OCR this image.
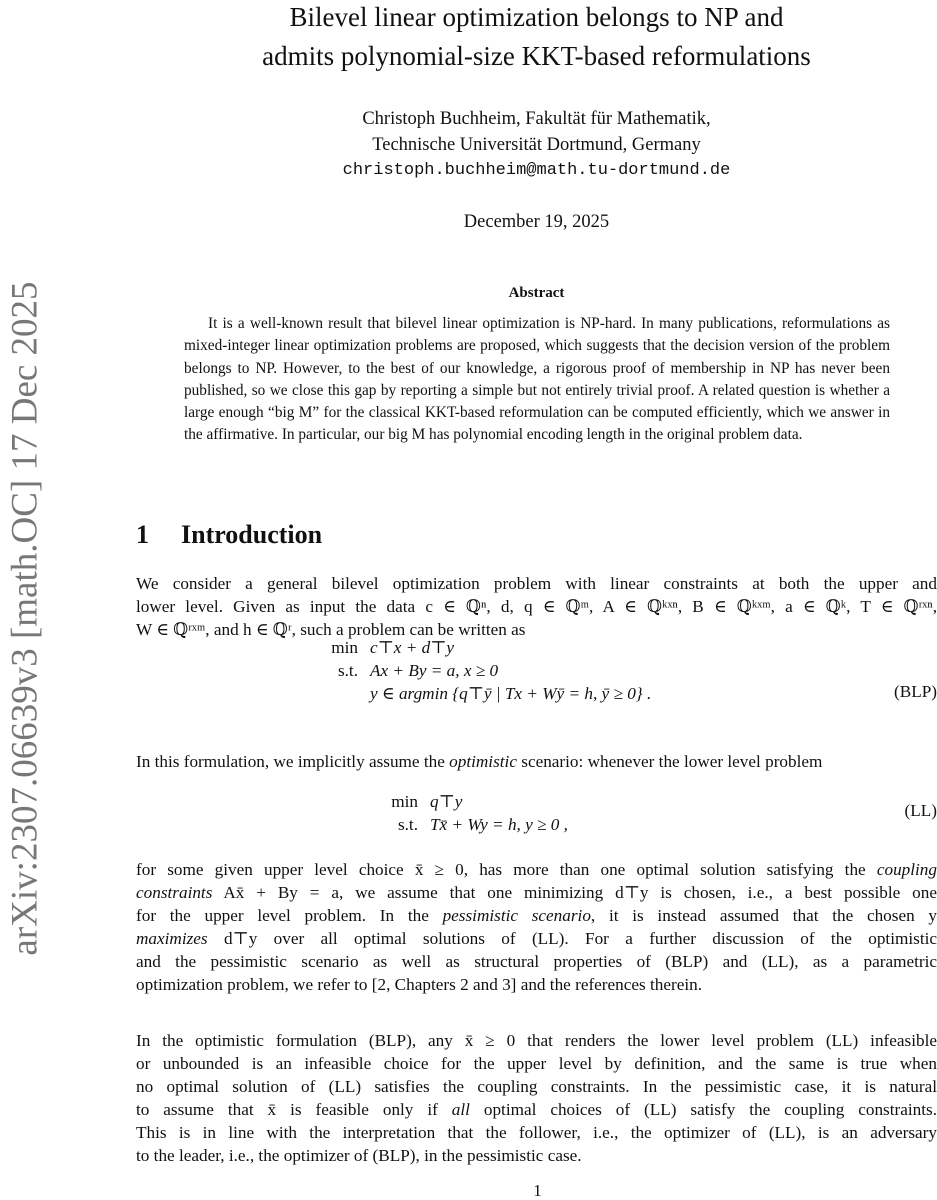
arXiv:2307.06639v3 [math.OC] 17 Dec 2025
Bilevel linear optimization belongs to NP and
admits polynomial-size KKT-based reformulations
Christoph Buchheim, Fakultät für Mathematik,
Technische Universität Dortmund, Germany
christoph.buchheim@math.tu-dortmund.de
December 19, 2025
Abstract
It is a well-known result that bilevel linear optimization is NP-hard. In many publications, reformulations as mixed-integer linear optimization problems are proposed, which suggests that the decision version of the problem belongs to NP. However, to the best of our knowledge, a rigorous proof of membership in NP has never been published, so we close this gap by reporting a simple but not entirely trivial proof. A related question is whether a large enough “big M” for the classical KKT-based reformulation can be computed efficiently, which we answer in the affirmative. In particular, our big M has polynomial encoding length in the original problem data.
1 Introduction
We consider a general bilevel optimization problem with linear constraints at both the upper and
lower level. Given as input the data c ∈ ℚⁿ, d, q ∈ ℚᵐ, A ∈ ℚᵏˣⁿ, B ∈ ℚᵏˣᵐ, a ∈ ℚᵏ, T ∈ ℚʳˣⁿ,
W ∈ ℚʳˣᵐ, and h ∈ ℚʳ, such a problem can be written as
min	c⊤x + d⊤y
s.t.	Ax + By = a, x ≥ 0
	y ∈ argmin {q⊤ȳ | Tx + Wȳ = h, ȳ ≥ 0} .	(BLP)
In this formulation, we implicitly assume the optimistic scenario: whenever the lower level problem
min	q⊤y
s.t.	Tx̄ + Wy = h, y ≥ 0 ,
(LL)
for some given upper level choice x̄ ≥ 0, has more than one optimal solution satisfying the coupling
constraints Ax̄ + By = a, we assume that one minimizing d⊤y is chosen, i.e., a best possible one
for the upper level problem. In the pessimistic scenario, it is instead assumed that the chosen y
maximizes d⊤y over all optimal solutions of (LL). For a further discussion of the optimistic
and the pessimistic scenario as well as structural properties of (BLP) and (LL), as a parametric
optimization problem, we refer to [2, Chapters 2 and 3] and the references therein.
In the optimistic formulation (BLP), any x̄ ≥ 0 that renders the lower level problem (LL) infeasible
or unbounded is an infeasible choice for the upper level by definition, and the same is true when
no optimal solution of (LL) satisfies the coupling constraints. In the pessimistic case, it is natural
to assume that x̄ is feasible only if all optimal choices of (LL) satisfy the coupling constraints.
This is in line with the interpretation that the follower, i.e., the optimizer of (LL), is an adversary
to the leader, i.e., the optimizer of (BLP), in the pessimistic case.
1
